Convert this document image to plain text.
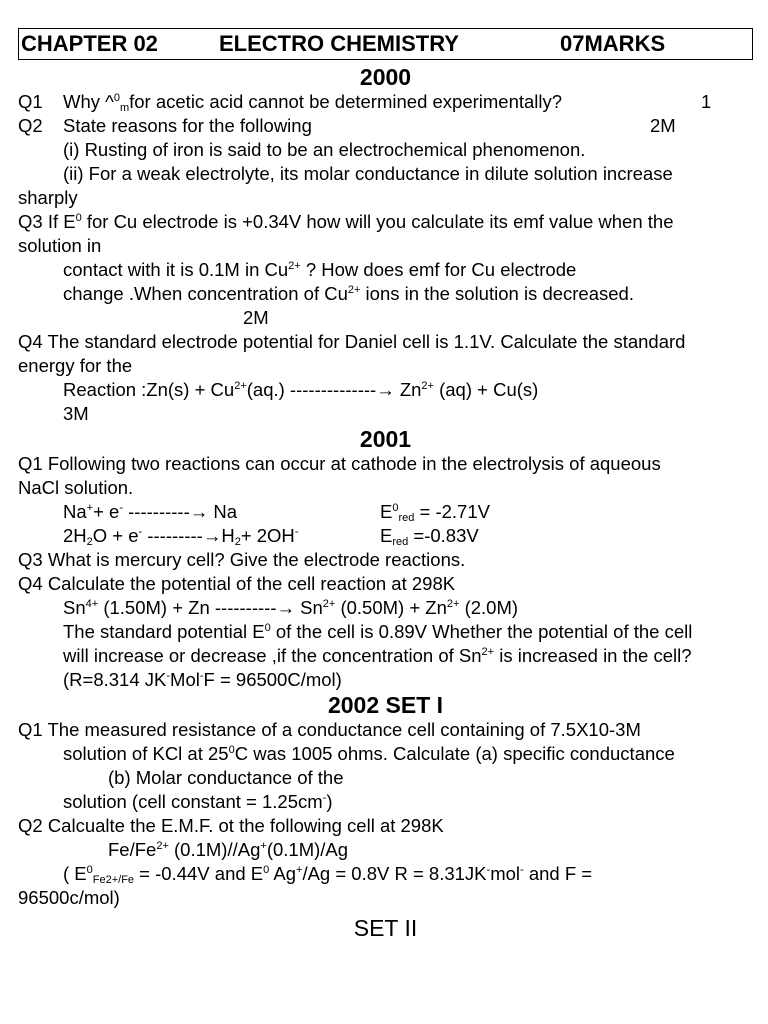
CHAPTER 02	ELECTRO CHEMISTRY	07MARKS
2000
Q1 Why ^$^0_m$for acetic acid cannot be determined experimentally?	1
Q2 State reasons for the following	2M
(i) Rusting of iron is said to be an electrochemical phenomenon.
(ii) For a weak electrolyte, its molar conductance in dilute solution increase
sharply
Q3 If $E^0$ for Cu electrode is +0.34V how will you calculate its emf value when the
solution in
contact with it is 0.1M in $Cu^{2+}$ ? How does emf for Cu electrode
change .When concentration of $Cu^{2+}$ ions in the solution is decreased.
2M
Q4 The standard electrode potential for Daniel cell is 1.1V. Calculate the standard
energy for the
Reaction :Zn(s) + $Cu^{2+}(aq.)$ --------------→ $Zn^{2+}$ (aq) + Cu(s)
3M
2001
Q1 Following two reactions can occur at cathode in the electrolysis of aqueous
NaCl solution.
Na++ e- ----------→ Na	$E^0_{red} = -2.71V$
$2H_2O + e^-$ $---------\to H_2+ 2OH^-$	$E_{red} =-0.83V$
Q3 What is mercury cell? Give the electrode reactions.
Q4 Calculate the potential of the cell reaction at 298K
$Sn^{4+}$ (1.50M) + Zn ----------→ $Sn^{2+}$ $(0.50M) + Zn^{2+}$ (2.0M)
The standard potential $E^0$ of the cell is 0.89V Whether the potential of the cell
will increase or decrease ,if the concentration of $Sn^{2+}$ is increased in the cell?
(R=8.314 JK-Mol-F = 96500C/mol)
2002 SET I
Q1 The measured resistance of a conductance cell containing of 7.5X10-3M
solution of KCl at $25^0C$ was 1005 ohms. Calculate (a) specific conductance
(b) Molar conductance of the
solution (cell constant = 1.25cm-)
Q2 Calcualte the E.M.F. ot the following cell at 298K
$Fe/Fe^{2+}$ (0.1M)//Ag+(0.1M)/Ag
( $E^0_{Fe2+/Fe} = -0.44V$ and $E^0$ Ag+/Ag = 0.8V R = 8.31JK-mol- and F =
96500c/mol)
SET II
